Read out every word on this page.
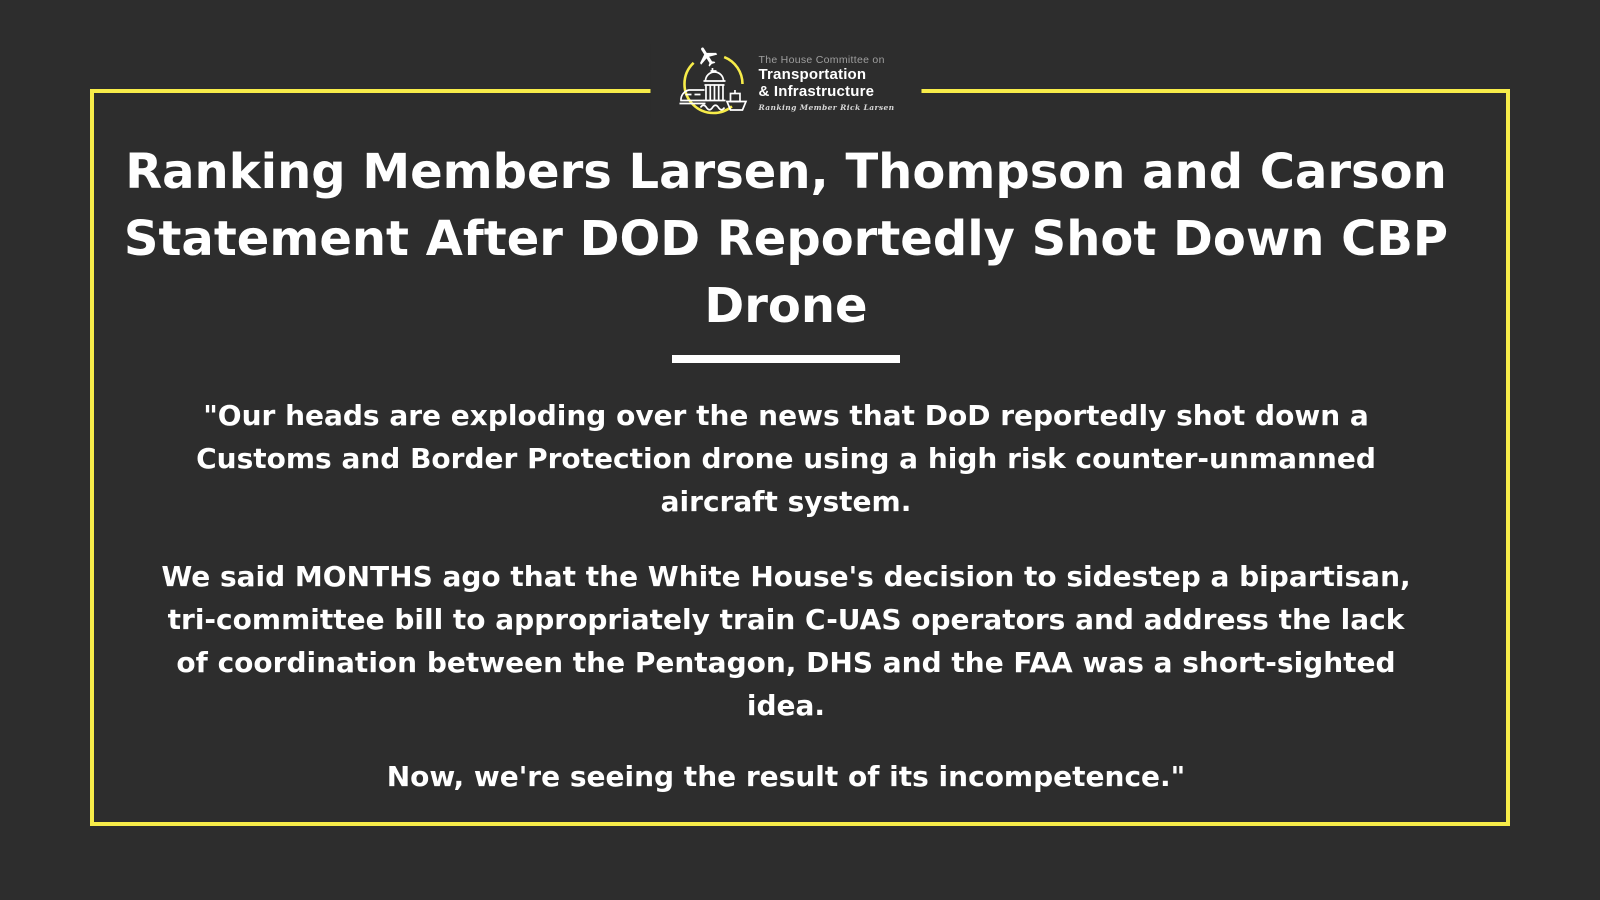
The House Committee on
Transportation
& Infrastructure
Ranking Member Rick Larsen
Ranking Members Larsen, Thompson and Carson
Statement After DOD Reportedly Shot Down CBP
Drone
"Our heads are exploding over the news that DoD reportedly shot down a
Customs and Border Protection drone using a high risk counter-unmanned
aircraft system.
We said MONTHS ago that the White House's decision to sidestep a bipartisan,
tri-committee bill to appropriately train C-UAS operators and address the lack
of coordination between the Pentagon, DHS and the FAA was a short-sighted
idea.
Now, we're seeing the result of its incompetence."
